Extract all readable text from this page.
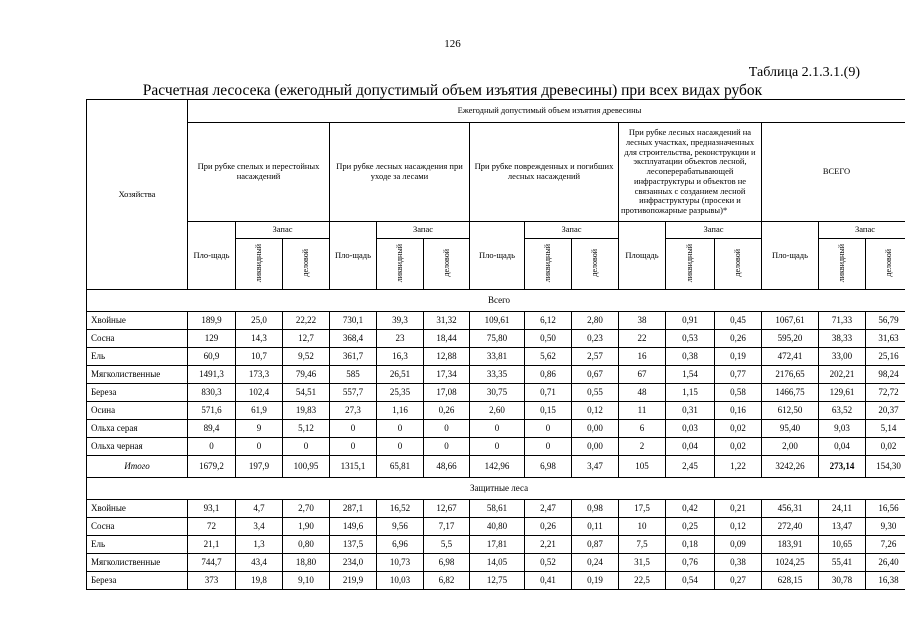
126
Таблица 2.1.3.1.(9)
Расчетная лесосека (ежегодный допустимый объем изъятия древесины) при всех видах рубок
Хозяйства	Ежегодный допустимый объем изъятия древесины														
	При рубке спелых и перестойных насаждений			При рубке лесных насаждения при уходе за лесами			При рубке поврежденных и погибших лесных насаждений			При рубке лесных насаждений на лесных участках, предназначенных для строительства, реконструкции и эксплуатации объектов лесной, лесоперерабатывающей инфраструктуры и объектов не связанных с созданием лесной инфраструктуры (просеки и противопожарные разрывы)*			ВСЕГО		
	Пло-щадь	Запас		Пло-щадь	Запас		Пло-щадь	Запас		Площадь	Запас		Пло-щадь	Запас	
		ликвидный	деловой		ликвидный	деловой		ликвидный	деловой		ликвидный	деловой		ликвидный	деловой

Всего															
Хвойные	189,9	25,0	22,22	730,1	39,3	31,32	109,61	6,12	2,80	38	0,91	0,45	1067,61	71,33	56,79
Сосна	129	14,3	12,7	368,4	23	18,44	75,80	0,50	0,23	22	0,53	0,26	595,20	38,33	31,63
Ель	60,9	10,7	9,52	361,7	16,3	12,88	33,81	5,62	2,57	16	0,38	0,19	472,41	33,00	25,16
Мягколиственные	1491,3	173,3	79,46	585	26,51	17,34	33,35	0,86	0,67	67	1,54	0,77	2176,65	202,21	98,24
Береза	830,3	102,4	54,51	557,7	25,35	17,08	30,75	0,71	0,55	48	1,15	0,58	1466,75	129,61	72,72
Осина	571,6	61,9	19,83	27,3	1,16	0,26	2,60	0,15	0,12	11	0,31	0,16	612,50	63,52	20,37
Ольха серая	89,4	9	5,12	0	0	0	0	0	0,00	6	0,03	0,02	95,40	9,03	5,14
Ольха черная	0	0	0	0	0	0	0	0	0,00	2	0,04	0,02	2,00	0,04	0,02
Итого	1679,2	197,9	100,95	1315,1	65,81	48,66	142,96	6,98	3,47	105	2,45	1,22	3242,26	273,14	154,30
Защитные леса															
Хвойные	93,1	4,7	2,70	287,1	16,52	12,67	58,61	2,47	0,98	17,5	0,42	0,21	456,31	24,11	16,56
Сосна	72	3,4	1,90	149,6	9,56	7,17	40,80	0,26	0,11	10	0,25	0,12	272,40	13,47	9,30
Ель	21,1	1,3	0,80	137,5	6,96	5,5	17,81	2,21	0,87	7,5	0,18	0,09	183,91	10,65	7,26
Мягколиственные	744,7	43,4	18,80	234,0	10,73	6,98	14,05	0,52	0,24	31,5	0,76	0,38	1024,25	55,41	26,40
Береза	373	19,8	9,10	219,9	10,03	6,82	12,75	0,41	0,19	22,5	0,54	0,27	628,15	30,78	16,38
